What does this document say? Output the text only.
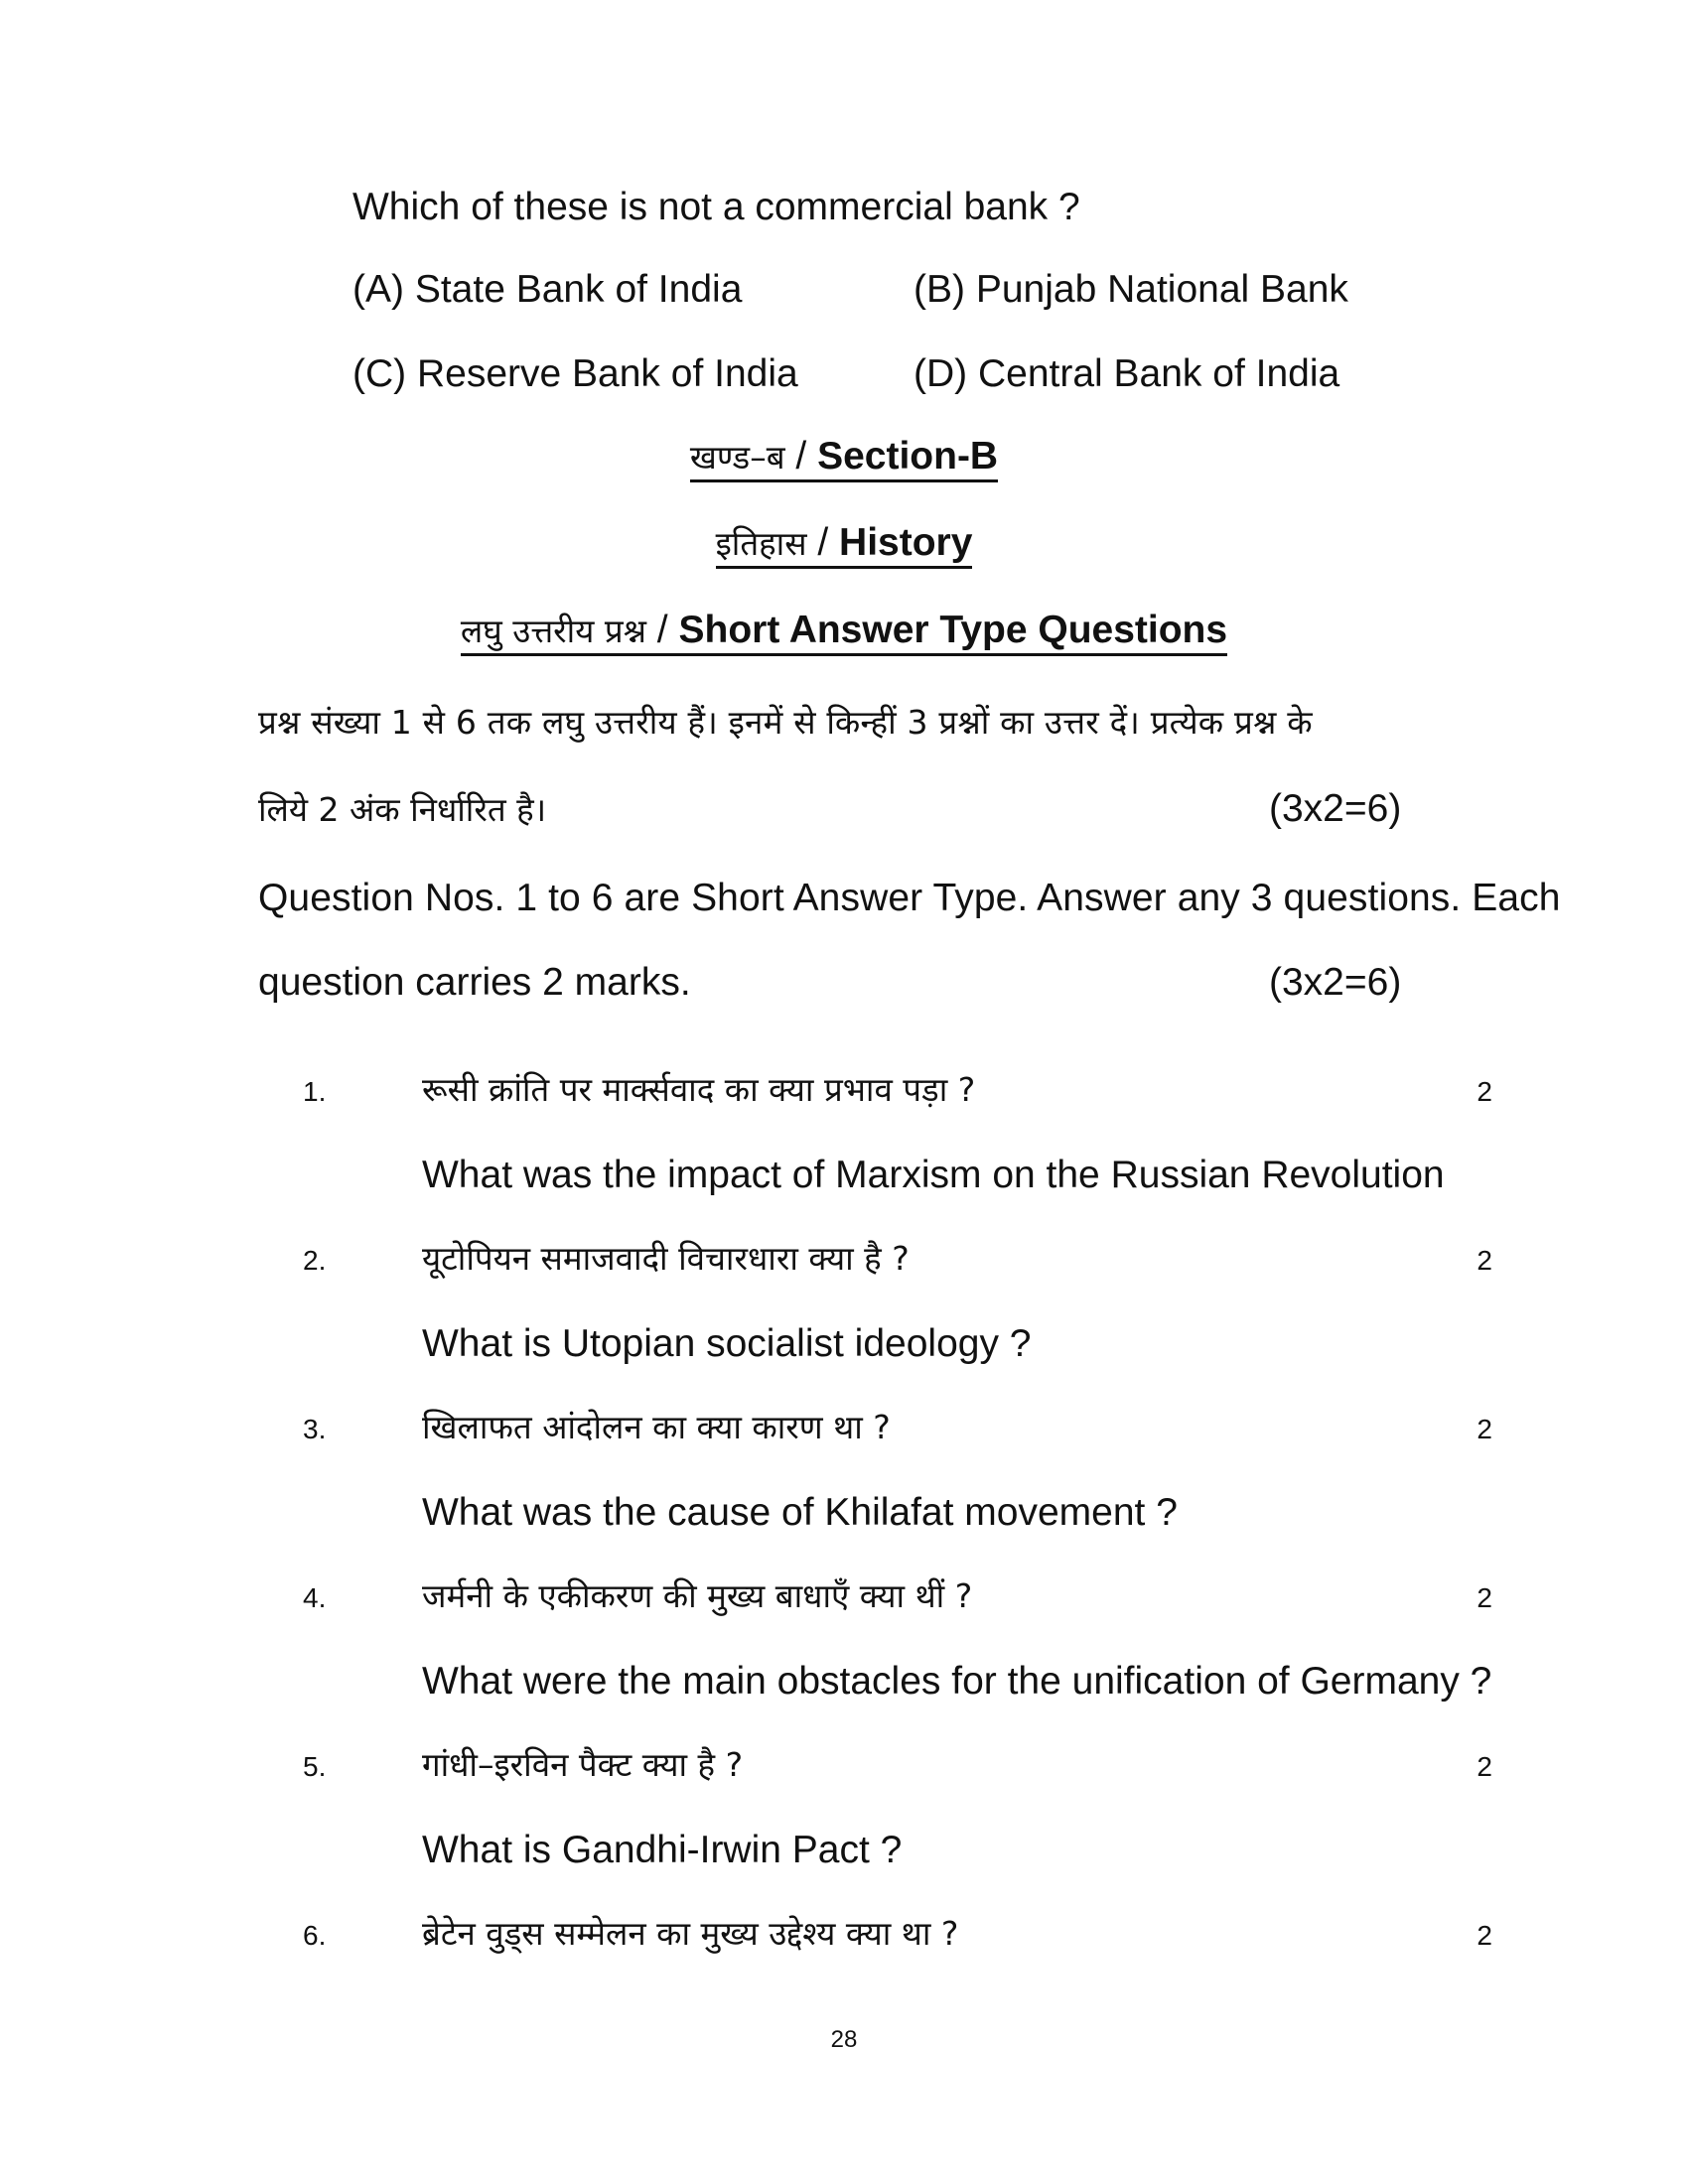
Which of these is not a commercial bank ?
(A) State Bank of India	(B) Punjab National Bank
(C) Reserve Bank of India	(D) Central Bank of India
खण्ड–ब / Section-B
इतिहास / History
लघु उत्तरीय प्रश्न / Short Answer Type Questions
प्रश्न संख्या 1 से 6 तक लघु उत्तरीय हैं। इनमें से किन्हीं 3 प्रश्नों का उत्तर दें। प्रत्येक प्रश्न के
लिये 2 अंक निर्धारित है।	(3x2=6)
Question Nos. 1 to 6 are Short Answer Type. Answer any 3 questions. Each
question carries 2 marks.	(3x2=6)
1.	रूसी क्रांति पर मार्क्सवाद का क्या प्रभाव पड़ा ?	2
What was the impact of Marxism on the Russian Revolution
2.	यूटोपियन समाजवादी विचारधारा क्या है ?	2
What is Utopian socialist ideology ?
3.	खिलाफत आंदोलन का क्या कारण था ?	2
What was the cause of Khilafat movement ?
4.	जर्मनी के एकीकरण की मुख्य बाधाएँ क्या थीं ?	2
What were the main obstacles for the unification of Germany ?
5.	गांधी–इरविन पैक्ट क्या है ?	2
What is Gandhi-Irwin Pact ?
6.	ब्रेटेन वुड्स सम्मेलन का मुख्य उद्देश्य क्या था ?	2
28
